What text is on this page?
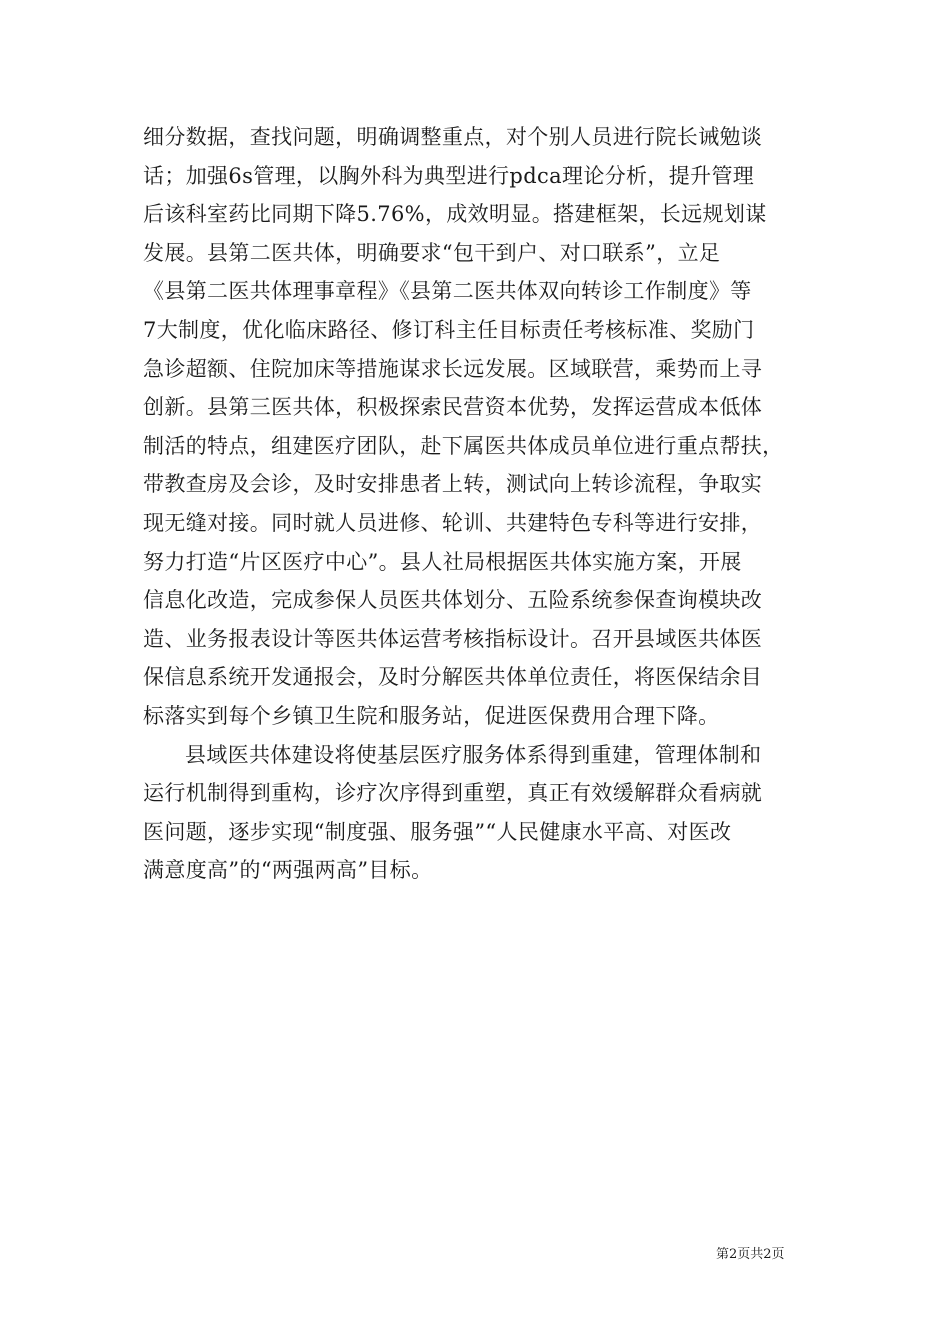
细分数据，查找问题，明确调整重点，对个别人员进行院长诫勉谈
话；加强6s管理，以胸外科为典型进行pdca理论分析，提升管理
后该科室药比同期下降5.76%，成效明显。搭建框架，长远规划谋
发展。县第二医共体，明确要求“包干到户、对口联系”，立足
《县第二医共体理事章程》《县第二医共体双向转诊工作制度》等
7大制度，优化临床路径、修订科主任目标责任考核标准、奖励门
急诊超额、住院加床等措施谋求长远发展。区域联营，乘势而上寻
创新。县第三医共体，积极探索民营资本优势，发挥运营成本低体
制活的特点，组建医疗团队，赴下属医共体成员单位进行重点帮扶，
带教查房及会诊，及时安排患者上转，测试向上转诊流程，争取实
现无缝对接。同时就人员进修、轮训、共建特色专科等进行安排，
努力打造“片区医疗中心”。县人社局根据医共体实施方案，开展
信息化改造，完成参保人员医共体划分、五险系统参保查询模块改
造、业务报表设计等医共体运营考核指标设计。召开县域医共体医
保信息系统开发通报会，及时分解医共体单位责任，将医保结余目
标落实到每个乡镇卫生院和服务站，促进医保费用合理下降。
县域医共体建设将使基层医疗服务体系得到重建，管理体制和
运行机制得到重构，诊疗次序得到重塑，真正有效缓解群众看病就
医问题，逐步实现“制度强、服务强”“人民健康水平高、对医改
满意度高”的“两强两高”目标。
第2页共2页
